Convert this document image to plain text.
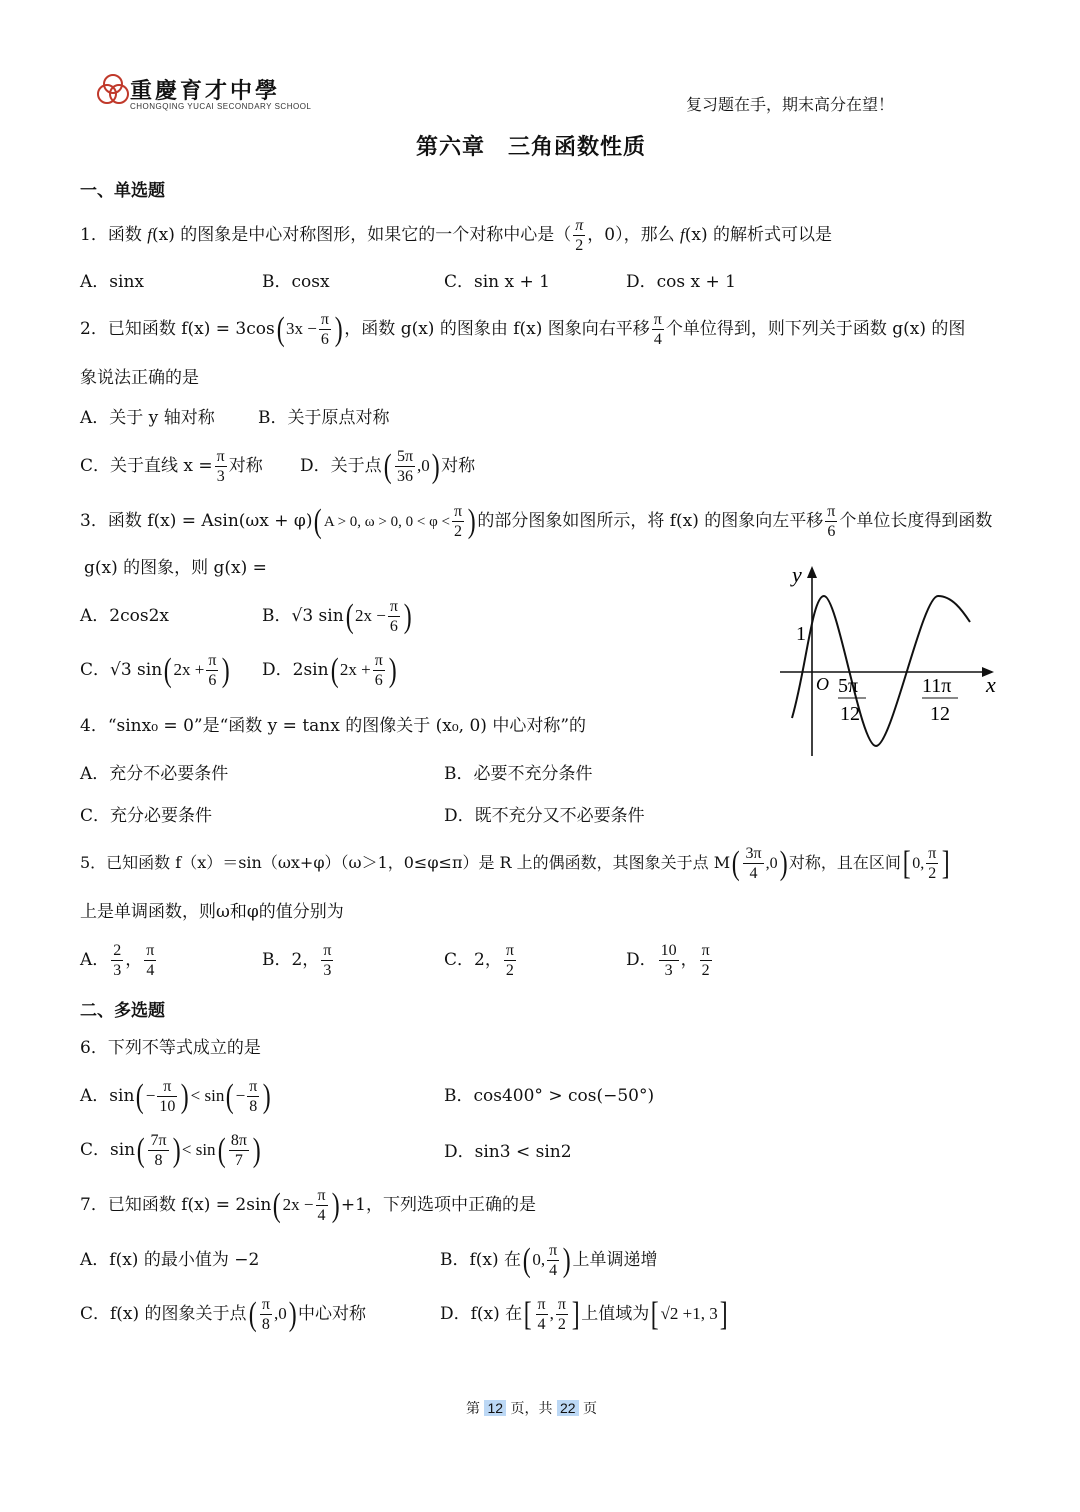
重慶育才中學
CHONGQING YUCAI SECONDARY SCHOOL	复习题在手，期末高分在望！
第六章　三角函数性质
一、单选题
1．函数 f(x) 的图象是中心对称图形，如果它的一个对称中心是（ $\frac{\pi}{2}$ ，0），那么 f(x) 的解析式可以是
A．sinx	B．cosx	C．sin x + 1	D．cos x + 1
2．已知函数 $f(x) = 3\cos(3x - \frac{\pi}{6}$ )，函数 g(x) 的图象由 f(x) 图象向右平移 $\frac{\pi}{4}$ 个单位得到，则下列关于函数 g(x) 的图
象说法正确的是
A．关于 y 轴对称	B．关于原点对称
C．关于直线 $x = \frac{\pi}{3}$ 对称 D．关于点( $\frac{5\pi}{36} ,0$)对称
3．函数 f(x) = Asin(ωx + φ)( A > 0, ω > 0, $0 < \varphi < \frac{\pi}{2}$ )的部分图象如图所示，将 f(x) 的图象向左平移 $\frac{\pi}{6}$ 个单位长度得到函数
g(x) 的图象，则 g(x) =
A．2cos2x	B．√3 $\sin(2x - \frac{\pi}{6}$ )
C．√3 $\sin(2x + \frac{\pi}{6}$ ) D．$2\sin(2x + \frac{\pi}{6}$ )
y
x
O
1
5π
12
11π
12
4．“sinx₀ = 0”是“函数 y = tanx 的图像关于 (x₀, 0) 中心对称”的
A．充分不必要条件	B．必要不充分条件
C．充分必要条件	D．既不充分又不必要条件
5．已知函数 f（x）＝sin（ωx+φ）（ω＞1，0≤φ≤π）是 R 上的偶函数，其图象关于点 $M( \frac{3\pi}{4} ,0)$ 对称，且在区间[ 0, $\frac{\pi}{2}$ ]
上是单调函数，则ω和φ的值分别为
A． $\frac{2}{3}$ ， $\frac{\pi}{4}$	B．2， $\frac{\pi}{3}$	C．2， $\frac{\pi}{2}$	D． $\frac{10}{3}$ ， $\frac{\pi}{2}$
二、多选题
6．下列不等式成立的是
A．$\sin(- \frac{\pi}{10}$ )< $\sin(- \frac{\pi}{8}$ )	B．cos400° > cos(−50°)
C．$\sin( \frac{7\pi}{8}$ )< $\sin( \frac{8\pi}{7}$ )	D．sin3 < sin2
7．已知函数 $f(x) = 2\sin(2x - \frac{\pi}{4} )+1$，下列选项中正确的是
A．f(x) 的最小值为 −2	B．f(x) 在(0, $\frac{\pi}{4}$ )上单调递增
C．f(x) 的图象关于点( $\frac{\pi}{8} ,0$)中心对称	D．f(x) 在[ $\frac{\pi}{4}$ , $\frac{\pi}{2}$ ]上值域为[√2 +1, 3]
第 12 页，共 22 页
